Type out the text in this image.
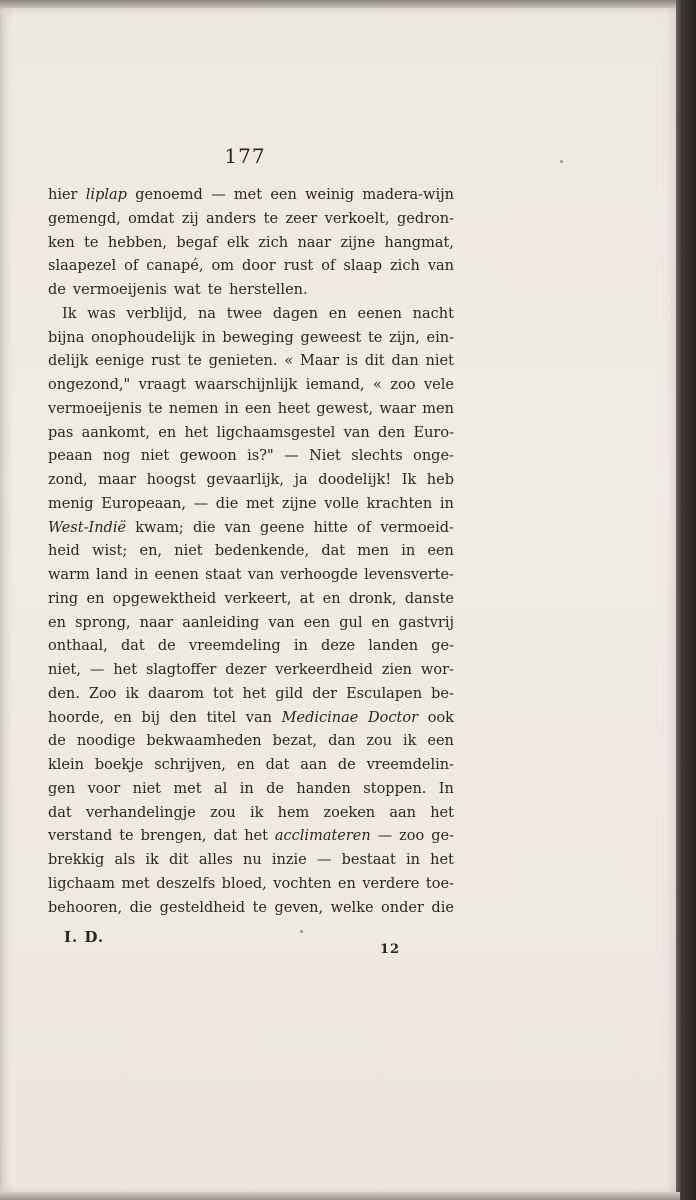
177
hier liplap genoemd — met een weinig madera-wijn
gemengd, omdat zij anders te zeer verkoelt, gedron-
ken te hebben, begaf elk zich naar zijne hangmat,
slaapezel of canapé, om door rust of slaap zich van
de vermoeijenis wat te herstellen.
Ik was verblijd, na twee dagen en eenen nacht
bijna onophoudelijk in beweging geweest te zijn, ein-
delijk eenige rust te genieten. « Maar is dit dan niet
ongezond," vraagt waarschijnlijk iemand, « zoo vele
vermoeijenis te nemen in een heet gewest, waar men
pas aankomt, en het ligchaamsgestel van den Euro-
peaan nog niet gewoon is?" — Niet slechts onge-
zond, maar hoogst gevaarlijk, ja doodelijk! Ik heb
menig Europeaan, — die met zijne volle krachten in
West-Indië kwam; die van geene hitte of vermoeid-
heid wist; en, niet bedenkende, dat men in een
warm land in eenen staat van verhoogde levensverte-
ring en opgewektheid verkeert, at en dronk, danste
en sprong, naar aanleiding van een gul en gastvrij
onthaal, dat de vreemdeling in deze landen ge-
niet, — het slagtoffer dezer verkeerdheid zien wor-
den. Zoo ik daarom tot het gild der Esculapen be-
hoorde, en bij den titel van Medicinae Doctor ook
de noodige bekwaamheden bezat, dan zou ik een
klein boekje schrijven, en dat aan de vreemdelin-
gen voor niet met al in de handen stoppen. In
dat verhandelingje zou ik hem zoeken aan het
verstand te brengen, dat het acclimateren — zoo ge-
brekkig als ik dit alles nu inzie — bestaat in het
ligchaam met deszelfs bloed, vochten en verdere toe-
behooren, die gesteldheid te geven, welke onder die
I. D.
12
